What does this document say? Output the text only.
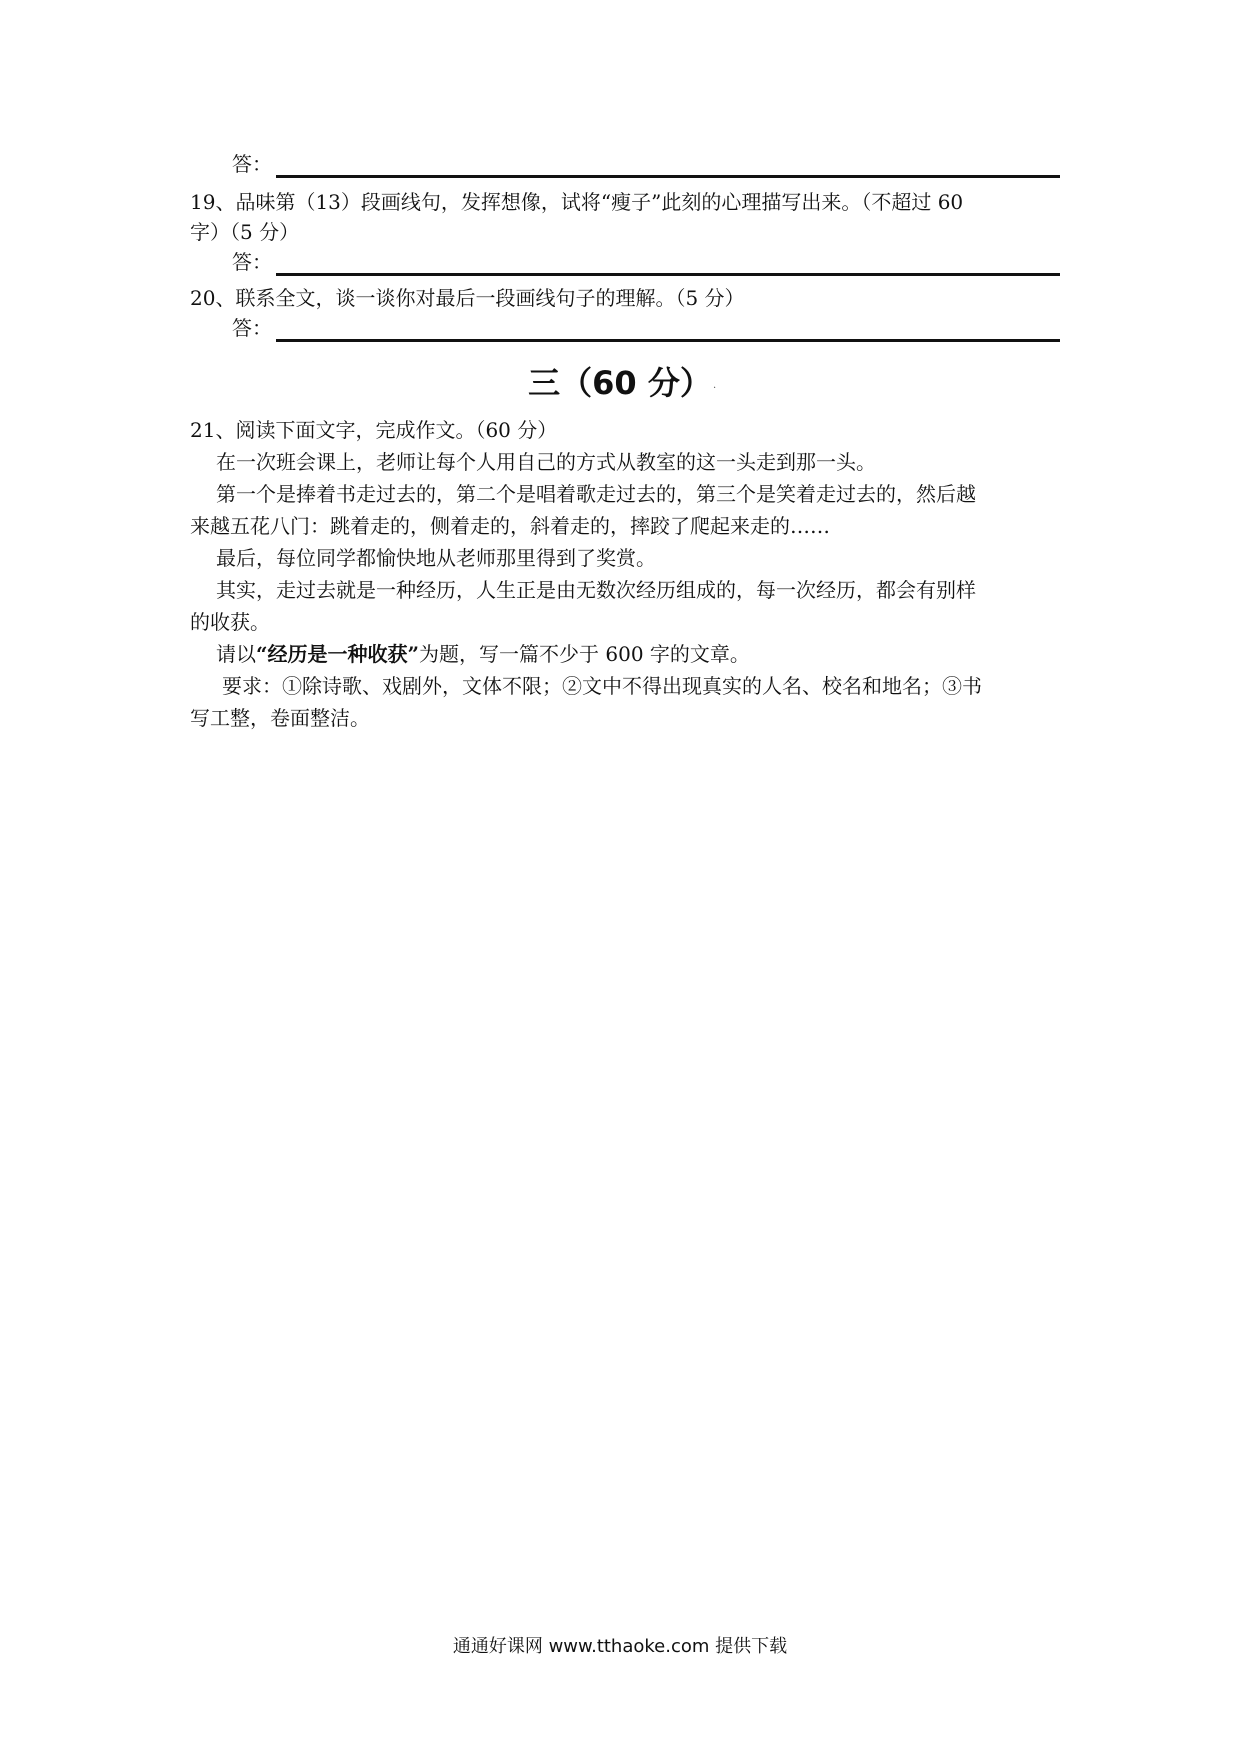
答：
19、品味第（13）段画线句，发挥想像，试将“瘦子”此刻的心理描写出来。（不超过 60
字）（5 分）
答：
20、联系全文，谈一谈你对最后一段画线句子的理解。（5 分）
答：
三（60 分） .
21、阅读下面文字，完成作文。（60 分）
在一次班会课上，老师让每个人用自己的方式从教室的这一头走到那一头。
第一个是捧着书走过去的，第二个是唱着歌走过去的，第三个是笑着走过去的，然后越
来越五花八门：跳着走的，侧着走的，斜着走的，摔跤了爬起来走的……
最后，每位同学都愉快地从老师那里得到了奖赏。
其实，走过去就是一种经历，人生正是由无数次经历组成的，每一次经历，都会有别样
的收获。
请以“经历是一种收获”为题，写一篇不少于 600 字的文章。
要求：①除诗歌、戏剧外，文体不限；②文中不得出现真实的人名、校名和地名；③书
写工整，卷面整洁。
通通好课网 www.tthaoke.com 提供下载
